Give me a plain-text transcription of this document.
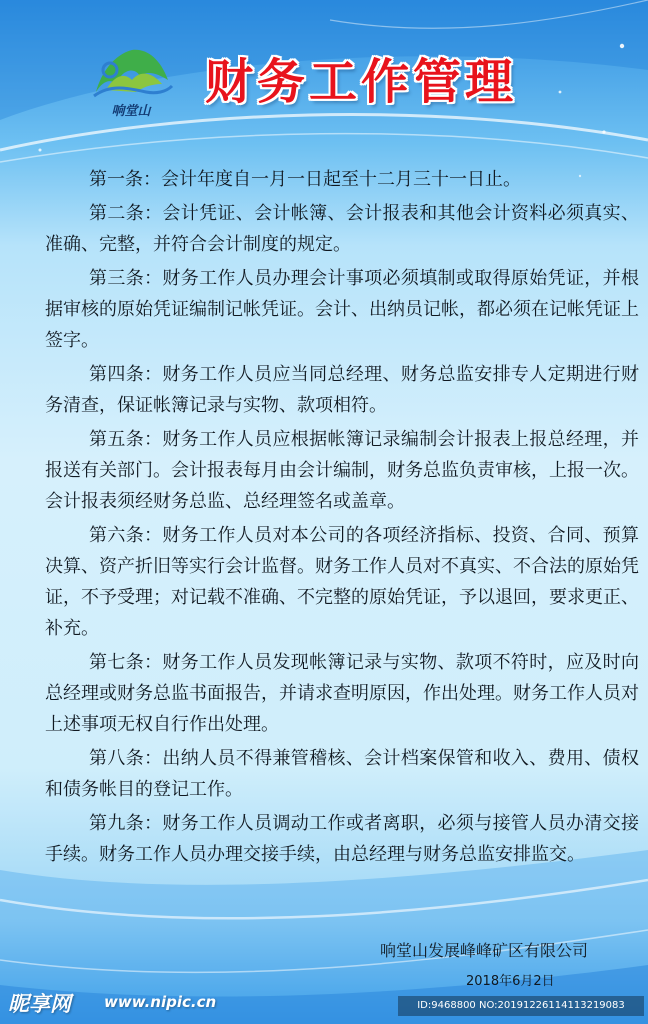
响堂山
财务工作管理

第一条：会计年度自一月一日起至十二月三十一日止。

第二条：会计凭证、会计帐簿、会计报表和其他会计资料必须真实、准确、完整，并符合会计制度的规定。

第三条：财务工作人员办理会计事项必须填制或取得原始凭证，并根据审核的原始凭证编制记帐凭证。会计、出纳员记帐，都必须在记帐凭证上签字。

第四条：财务工作人员应当同总经理、财务总监安排专人定期进行财务清查，保证帐簿记录与实物、款项相符。

第五条：财务工作人员应根据帐簿记录编制会计报表上报总经理，并报送有关部门。会计报表每月由会计编制，财务总监负责审核，上报一次。会计报表须经财务总监、总经理签名或盖章。

第六条：财务工作人员对本公司的各项经济指标、投资、合同、预算决算、资产折旧等实行会计监督。财务工作人员对不真实、不合法的原始凭证，不予受理；对记载不准确、不完整的原始凭证，予以退回，要求更正、补充。

第七条：财务工作人员发现帐簿记录与实物、款项不符时，应及时向总经理或财务总监书面报告，并请求查明原因，作出处理。财务工作人员对上述事项无权自行作出处理。

第八条：出纳人员不得兼管稽核、会计档案保管和收入、费用、债权和债务帐目的登记工作。

第九条：财务工作人员调动工作或者离职，必须与接管人员办清交接手续。财务工作人员办理交接手续，由总经理与财务总监安排监交。

响堂山发展峰峰矿区有限公司
2018年6月2日
昵享网 www.nipic.cn	ID:9468800 NO:20191226114113219083
